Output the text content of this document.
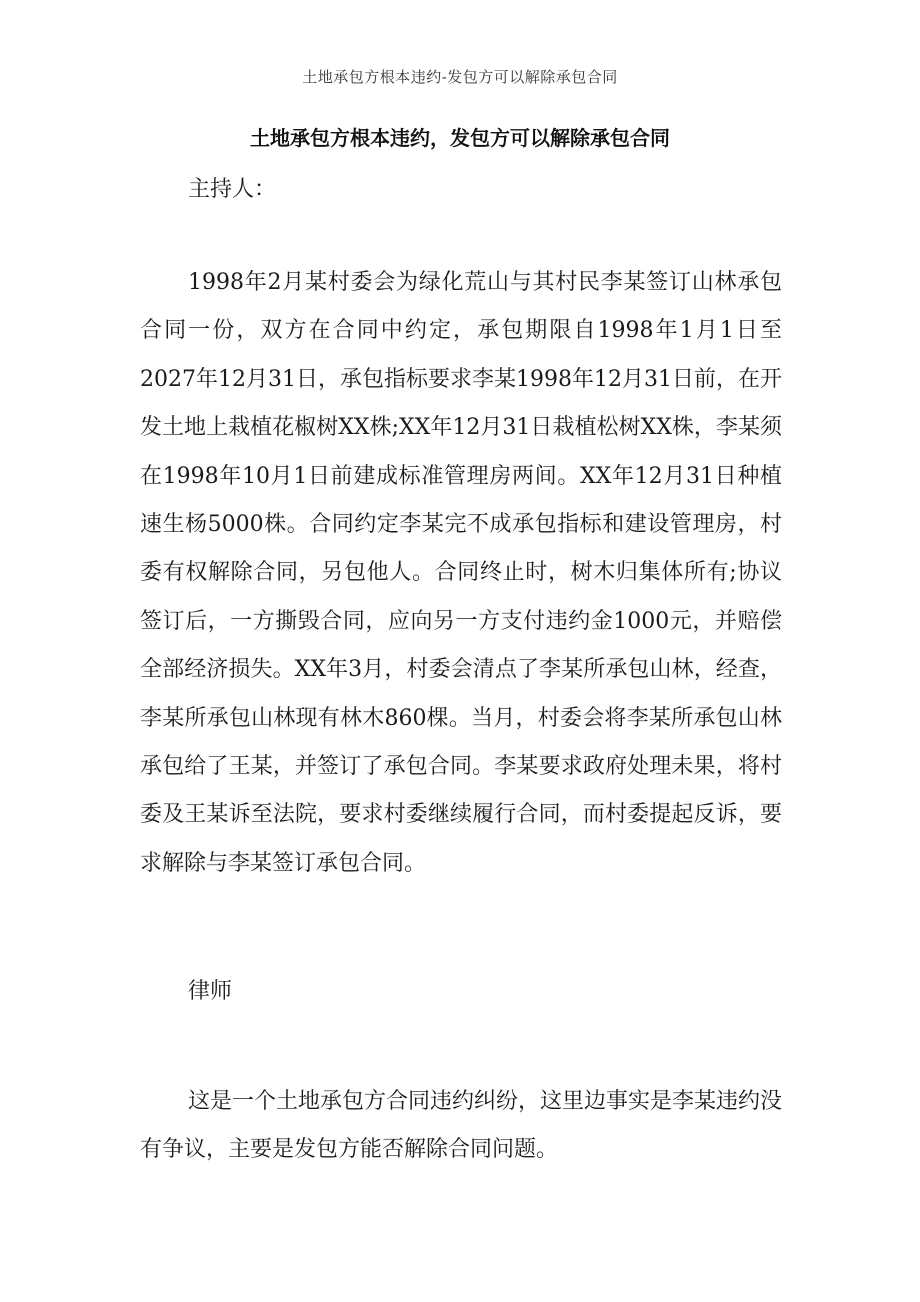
土地承包方根本违约-发包方可以解除承包合同
土地承包方根本违约，发包方可以解除承包合同

主持人：

1998年2月某村委会为绿化荒山与其村民李某签订山林承包合同一份，双方在合同中约定，承包期限自1998年1月1日至2027年12月31日，承包指标要求李某1998年12月31日前，在开发土地上栽植花椒树XX株;XX年12月31日栽植松树XX株，李某须在1998年10月1日前建成标准管理房两间。XX年12月31日种植速生杨5000株。合同约定李某完不成承包指标和建设管理房，村委有权解除合同，另包他人。合同终止时，树木归集体所有;协议签订后，一方撕毁合同，应向另一方支付违约金1000元，并赔偿全部经济损失。XX年3月，村委会清点了李某所承包山林，经查，李某所承包山林现有林木860棵。当月，村委会将李某所承包山林承包给了王某，并签订了承包合同。李某要求政府处理未果，将村委及王某诉至法院，要求村委继续履行合同，而村委提起反诉，要求解除与李某签订承包合同。

律师

这是一个土地承包方合同违约纠纷，这里边事实是李某违约没有争议，主要是发包方能否解除合同问题。
